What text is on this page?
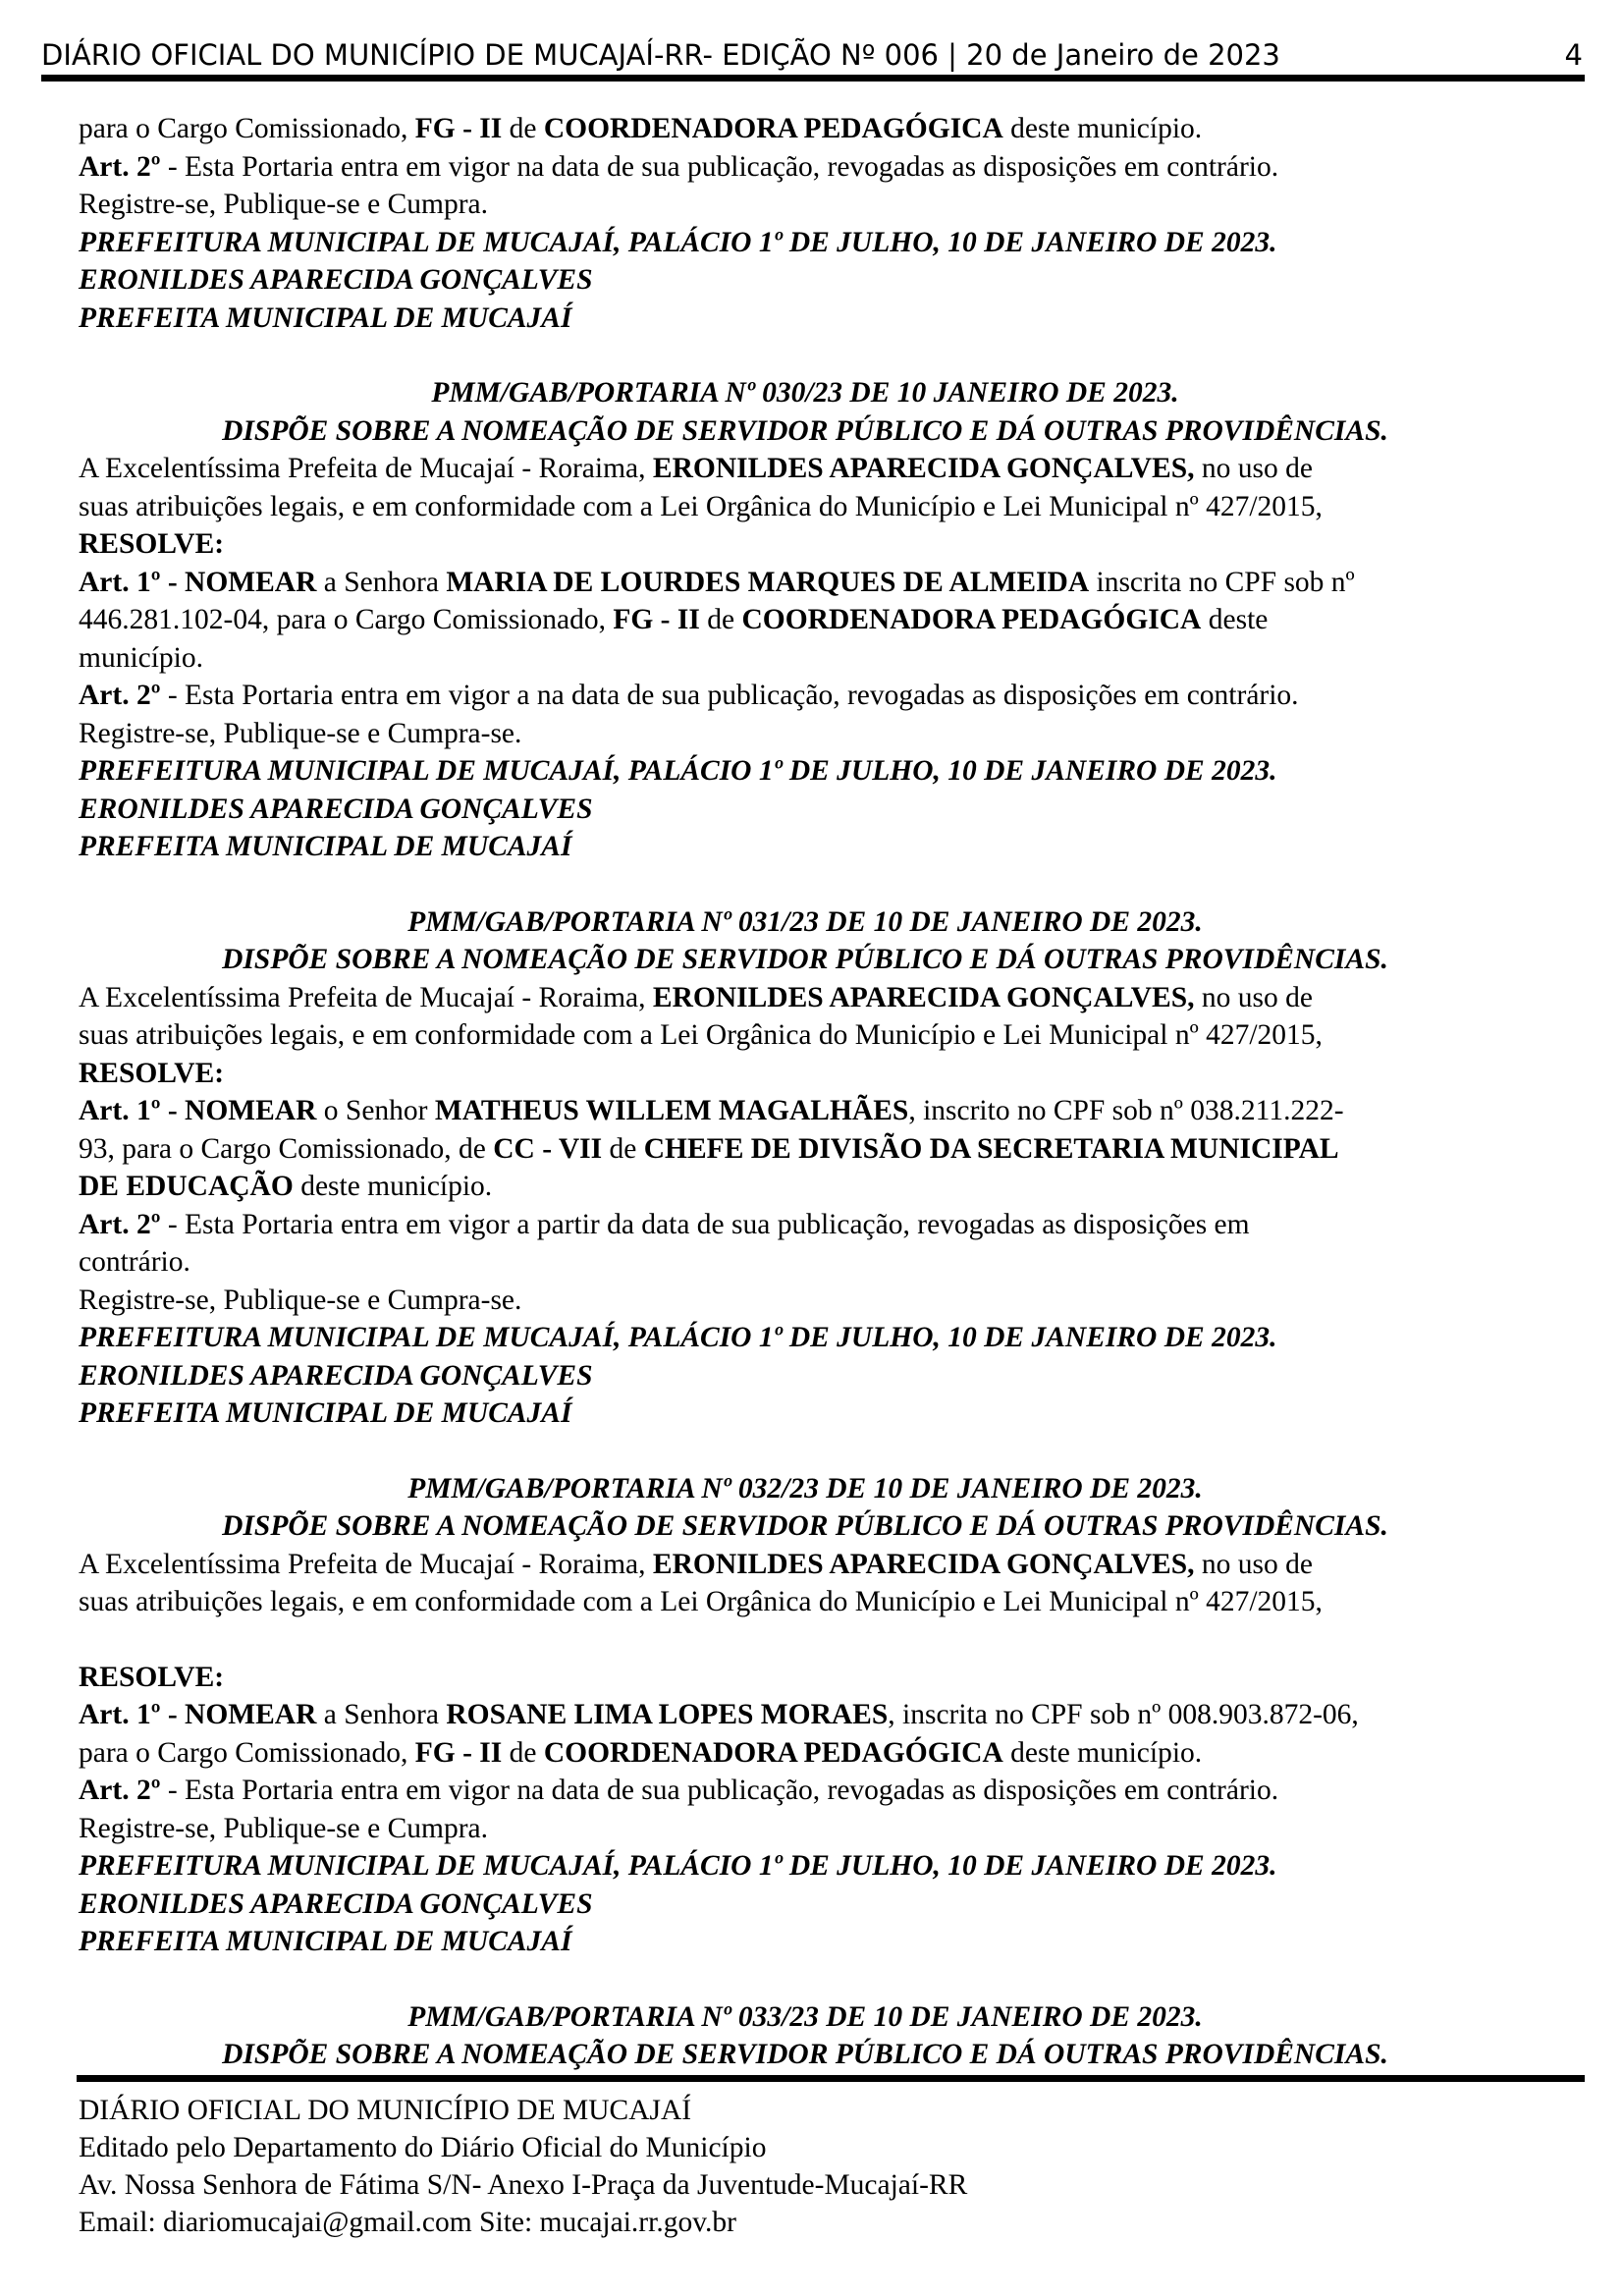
DIÁRIO OFICIAL DO MUNICÍPIO DE MUCAJAÍ-RR- EDIÇÃO Nº 006 | 20 de Janeiro de 2023	4

para o Cargo Comissionado, FG - II de COORDENADORA PEDAGÓGICA deste município.

Art. 2º - Esta Portaria entra em vigor na data de sua publicação, revogadas as disposições em contrário.

Registre-se, Publique-se e Cumpra.

PREFEITURA MUNICIPAL DE MUCAJAÍ, PALÁCIO 1º DE JULHO, 10 DE JANEIRO DE 2023.

ERONILDES APARECIDA GONÇALVES

PREFEITA MUNICIPAL DE MUCAJAÍ

PMM/GAB/PORTARIA Nº 030/23 DE 10 JANEIRO DE 2023.

DISPÕE SOBRE A NOMEAÇÃO DE SERVIDOR PÚBLICO E DÁ OUTRAS PROVIDÊNCIAS.

A Excelentíssima Prefeita de Mucajaí - Roraima, ERONILDES APARECIDA GONÇALVES, no uso de

suas atribuições legais, e em conformidade com a Lei Orgânica do Município e Lei Municipal nº 427/2015,

RESOLVE:

Art. 1º - NOMEAR a Senhora MARIA DE LOURDES MARQUES DE ALMEIDA inscrita no CPF sob nº

446.281.102-04, para o Cargo Comissionado, FG - II de COORDENADORA PEDAGÓGICA deste

município.

Art. 2º - Esta Portaria entra em vigor a na data de sua publicação, revogadas as disposições em contrário.

Registre-se, Publique-se e Cumpra-se.

PREFEITURA MUNICIPAL DE MUCAJAÍ, PALÁCIO 1º DE JULHO, 10 DE JANEIRO DE 2023.

ERONILDES APARECIDA GONÇALVES

PREFEITA MUNICIPAL DE MUCAJAÍ

PMM/GAB/PORTARIA Nº 031/23 DE 10 DE JANEIRO DE 2023.

DISPÕE SOBRE A NOMEAÇÃO DE SERVIDOR PÚBLICO E DÁ OUTRAS PROVIDÊNCIAS.

A Excelentíssima Prefeita de Mucajaí - Roraima, ERONILDES APARECIDA GONÇALVES, no uso de

suas atribuições legais, e em conformidade com a Lei Orgânica do Município e Lei Municipal nº 427/2015,

RESOLVE:

Art. 1º - NOMEAR o Senhor MATHEUS WILLEM MAGALHÃES, inscrito no CPF sob nº 038.211.222-

93, para o Cargo Comissionado, de CC - VII de CHEFE DE DIVISÃO DA SECRETARIA MUNICIPAL

DE EDUCAÇÃO deste município.

Art. 2º - Esta Portaria entra em vigor a partir da data de sua publicação, revogadas as disposições em

contrário.

Registre-se, Publique-se e Cumpra-se.

PREFEITURA MUNICIPAL DE MUCAJAÍ, PALÁCIO 1º DE JULHO, 10 DE JANEIRO DE 2023.

ERONILDES APARECIDA GONÇALVES

PREFEITA MUNICIPAL DE MUCAJAÍ

PMM/GAB/PORTARIA Nº 032/23 DE 10 DE JANEIRO DE 2023.

DISPÕE SOBRE A NOMEAÇÃO DE SERVIDOR PÚBLICO E DÁ OUTRAS PROVIDÊNCIAS.

A Excelentíssima Prefeita de Mucajaí - Roraima, ERONILDES APARECIDA GONÇALVES, no uso de

suas atribuições legais, e em conformidade com a Lei Orgânica do Município e Lei Municipal nº 427/2015,

RESOLVE:

Art. 1º - NOMEAR a Senhora ROSANE LIMA LOPES MORAES, inscrita no CPF sob nº 008.903.872-06,

para o Cargo Comissionado, FG - II de COORDENADORA PEDAGÓGICA deste município.

Art. 2º - Esta Portaria entra em vigor na data de sua publicação, revogadas as disposições em contrário.

Registre-se, Publique-se e Cumpra.

PREFEITURA MUNICIPAL DE MUCAJAÍ, PALÁCIO 1º DE JULHO, 10 DE JANEIRO DE 2023.

ERONILDES APARECIDA GONÇALVES

PREFEITA MUNICIPAL DE MUCAJAÍ

PMM/GAB/PORTARIA Nº 033/23 DE 10 DE JANEIRO DE 2023.

DISPÕE SOBRE A NOMEAÇÃO DE SERVIDOR PÚBLICO E DÁ OUTRAS PROVIDÊNCIAS.

DIÁRIO OFICIAL DO MUNICÍPIO DE MUCAJAÍ
Editado pelo Departamento do Diário Oficial do Município
Av. Nossa Senhora de Fátima S/N- Anexo I-Praça da Juventude-Mucajaí-RR
Email: diariomucajai@gmail.com Site: mucajai.rr.gov.br
